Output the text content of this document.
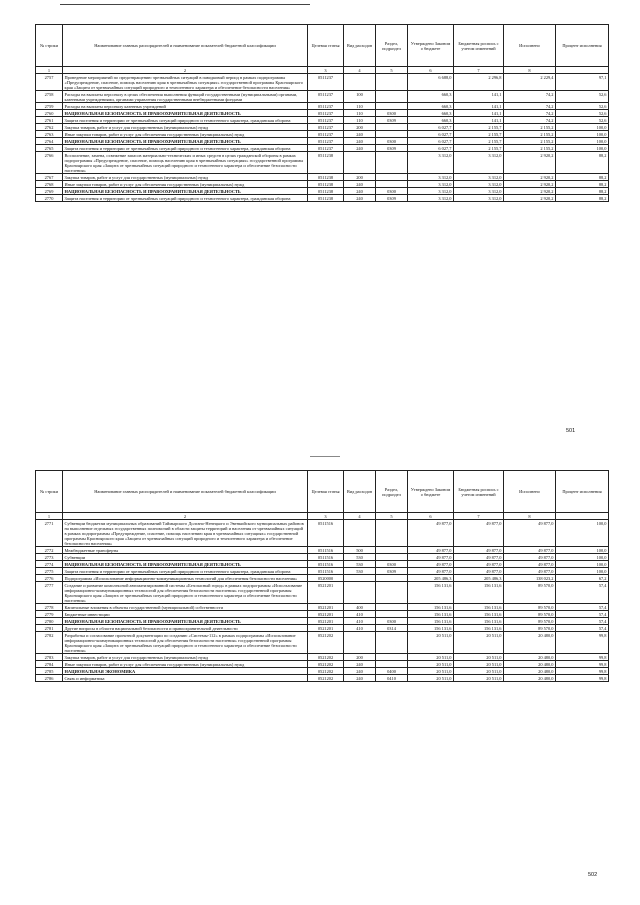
№ строки	Наименование главных распорядителей и наименование показателей бюджетной классификации	Целевая статья	Вид расходов	Раздел, подраздел	Утверждено Законом о бюджете	Бюджетная роспись с учетом изменений	Исполнено	Процент исполнения
1	2	3	4	5	6	7	8	
2757	Проведение мероприятий по предотвращению чрезвычайных ситуаций в паводковый период в рамках подпрограммы «Предупреждение, спасение, помощь населению края в чрезвычайных ситуациях» государственной программы Красноярского края «Защита от чрезвычайных ситуаций природного и техногенного характера и обеспечение безопасности населения»	0511237			6 688,0	2 296,8	2 229,4	97,1
2758	Расходы на выплаты персоналу в целях обеспечения выполнения функций государственными (муниципальными) органами, казенными учреждениями, органами управления государственными внебюджетными фондами	0511237	100		660,3	141,1	74,2	52,6
2759	Расходы на выплаты персоналу казенных учреждений	0511237	110		660,3	141,1	74,2	52,6
2760	НАЦИОНАЛЬНАЯ БЕЗОПАСНОСТЬ И ПРАВООХРАНИТЕЛЬНАЯ ДЕЯТЕЛЬНОСТЬ	0511237	110	0300	660,3	141,1	74,2	52,6
2761	Защита населения и территории от чрезвычайных ситуаций природного и техногенного характера, гражданская оборона	0511237	110	0309	660,3	141,1	74,2	52,6
2762	Закупка товаров, работ и услуг для государственных (муниципальных) нужд	0511237	200		6 027,7	2 155,7	2 155,2	100,0
2763	Иные закупки товаров, работ и услуг для обеспечения государственных (муниципальных) нужд	0511237	240		6 027,7	2 155,7	2 155,2	100,0
2764	НАЦИОНАЛЬНАЯ БЕЗОПАСНОСТЬ И ПРАВООХРАНИТЕЛЬНАЯ ДЕЯТЕЛЬНОСТЬ	0511237	240	0300	6 027,7	2 155,7	2 155,2	100,0
2765	Защита населения и территории от чрезвычайных ситуаций природного и техногенного характера, гражданская оборона	0511237	240	0309	6 027,7	2 155,7	2 155,2	100,0
2766	Восполнение, замена, освежение запасов материально-технических и иных средств в целях гражданской обороны в рамках подпрограммы «Предупреждение, спасение, помощь населению края в чрезвычайных ситуациях» государственной программы Красноярского края «Защита от чрезвычайных ситуаций природного и техногенного характера и обеспечение безопасности населения»	0511238			3 312,0	3 312,0	2 920,2	88,2
2767	Закупка товаров, работ и услуг для государственных (муниципальных) нужд	0511238	200		3 312,0	3 312,0	2 920,2	88,2
2768	Иные закупки товаров, работ и услуг для обеспечения государственных (муниципальных) нужд	0511238	240		3 312,0	3 312,0	2 920,2	88,2
2769	НАЦИОНАЛЬНАЯ БЕЗОПАСНОСТЬ И ПРАВООХРАНИТЕЛЬНАЯ ДЕЯТЕЛЬНОСТЬ	0511238	240	0300	3 312,0	3 312,0	2 920,2	88,2
2770	Защита населения и территории от чрезвычайных ситуаций природного и техногенного характера, гражданская оборона	0511238	240	0309	3 312,0	3 312,0	2 920,2	88,2
501
№ строки	Наименование главных распорядителей и наименование показателей бюджетной классификации	Целевая статья	Вид расходов	Раздел, подраздел	Утверждено Законом о бюджете	Бюджетная роспись с учетом изменений	Исполнено	Процент исполнения
1	2	3	4	5	6	7	8	
2771	Субвенции бюджетам муниципальных образований Таймырского Долгано-Ненецкого и Эвенкийского муниципальных районов на выполнение отдельных государственных полномочий в области защиты территорий и населения от чрезвычайных ситуаций в рамках подпрограммы «Предупреждение, спасение, помощь населению края в чрезвычайных ситуациях» государственной программы Красноярского края «Защита от чрезвычайных ситуаций природного и техногенного характера и обеспечение безопасности населения»	0511516			49 877,0	49 877,0	49 877,0	100,0
2772	Межбюджетные трансферты	0511516	500		49 877,0	49 877,0	49 877,0	100,0
2773	Субвенции	0511516	530		49 877,0	49 877,0	49 877,0	100,0
2774	НАЦИОНАЛЬНАЯ БЕЗОПАСНОСТЬ И ПРАВООХРАНИТЕЛЬНАЯ ДЕЯТЕЛЬНОСТЬ	0511516	530	0300	49 877,0	49 877,0	49 877,0	100,0
2775	Защита населения и территории от чрезвычайных ситуаций природного и техногенного характера, гражданская оборона	0511516	530	0309	49 877,0	49 877,0	49 877,0	100,0
2776	Подпрограмма «Использование информационно-коммуникационных технологий для обеспечения безопасности населения»	0520000			205 486,3	205 486,3	138 023,2	67,2
2777	Создание и развитие комплексной автоматизированной системы «Безопасный город» в рамках подпрограммы «Использование информационно-коммуникационных технологий для обеспечения безопасности населения» государственной программы Красноярского края «Защита от чрезвычайных ситуаций природного и техногенного характера и обеспечение безопасности населения»	0521201			156 131,6	156 131,6	89 570,0	57,4
2778	Капитальные вложения в объекты государственной (муниципальной) собственности	0521201	400		156 131,6	156 131,6	89 570,0	57,4
2779	Бюджетные инвестиции	0521201	410		156 131,6	156 131,6	89 570,0	57,4
2780	НАЦИОНАЛЬНАЯ БЕЗОПАСНОСТЬ И ПРАВООХРАНИТЕЛЬНАЯ ДЕЯТЕЛЬНОСТЬ	0521201	410	0300	156 131,6	156 131,6	89 570,0	57,4
2781	Другие вопросы в области национальной безопасности и правоохранительной деятельности	0521201	410	0314	156 131,6	156 131,6	89 570,0	57,4
2782	Разработка и согласование проектной документации по созданию «Системы-112» в рамках подпрограммы «Использование информационно-коммуникационных технологий для обеспечения безопасности населения» государственной программы Красноярского края «Защита от чрезвычайных ситуаций природного и техногенного характера и обеспечение безопасности населения»	0521202			20 511,0	20 511,0	20 480,0	99,8
2783	Закупка товаров, работ и услуг для государственных (муниципальных) нужд	0521202	200		20 511,0	20 511,0	20 480,0	99,8
2784	Иные закупки товаров, работ и услуг для обеспечения государственных (муниципальных) нужд	0521202	240		20 511,0	20 511,0	20 480,0	99,8
2785	НАЦИОНАЛЬНАЯ ЭКОНОМИКА	0521202	240	0400	20 511,0	20 511,0	20 480,0	99,8
2786	Связь и информатика	0521202	240	0410	20 511,0	20 511,0	20 480,0	99,8
502
